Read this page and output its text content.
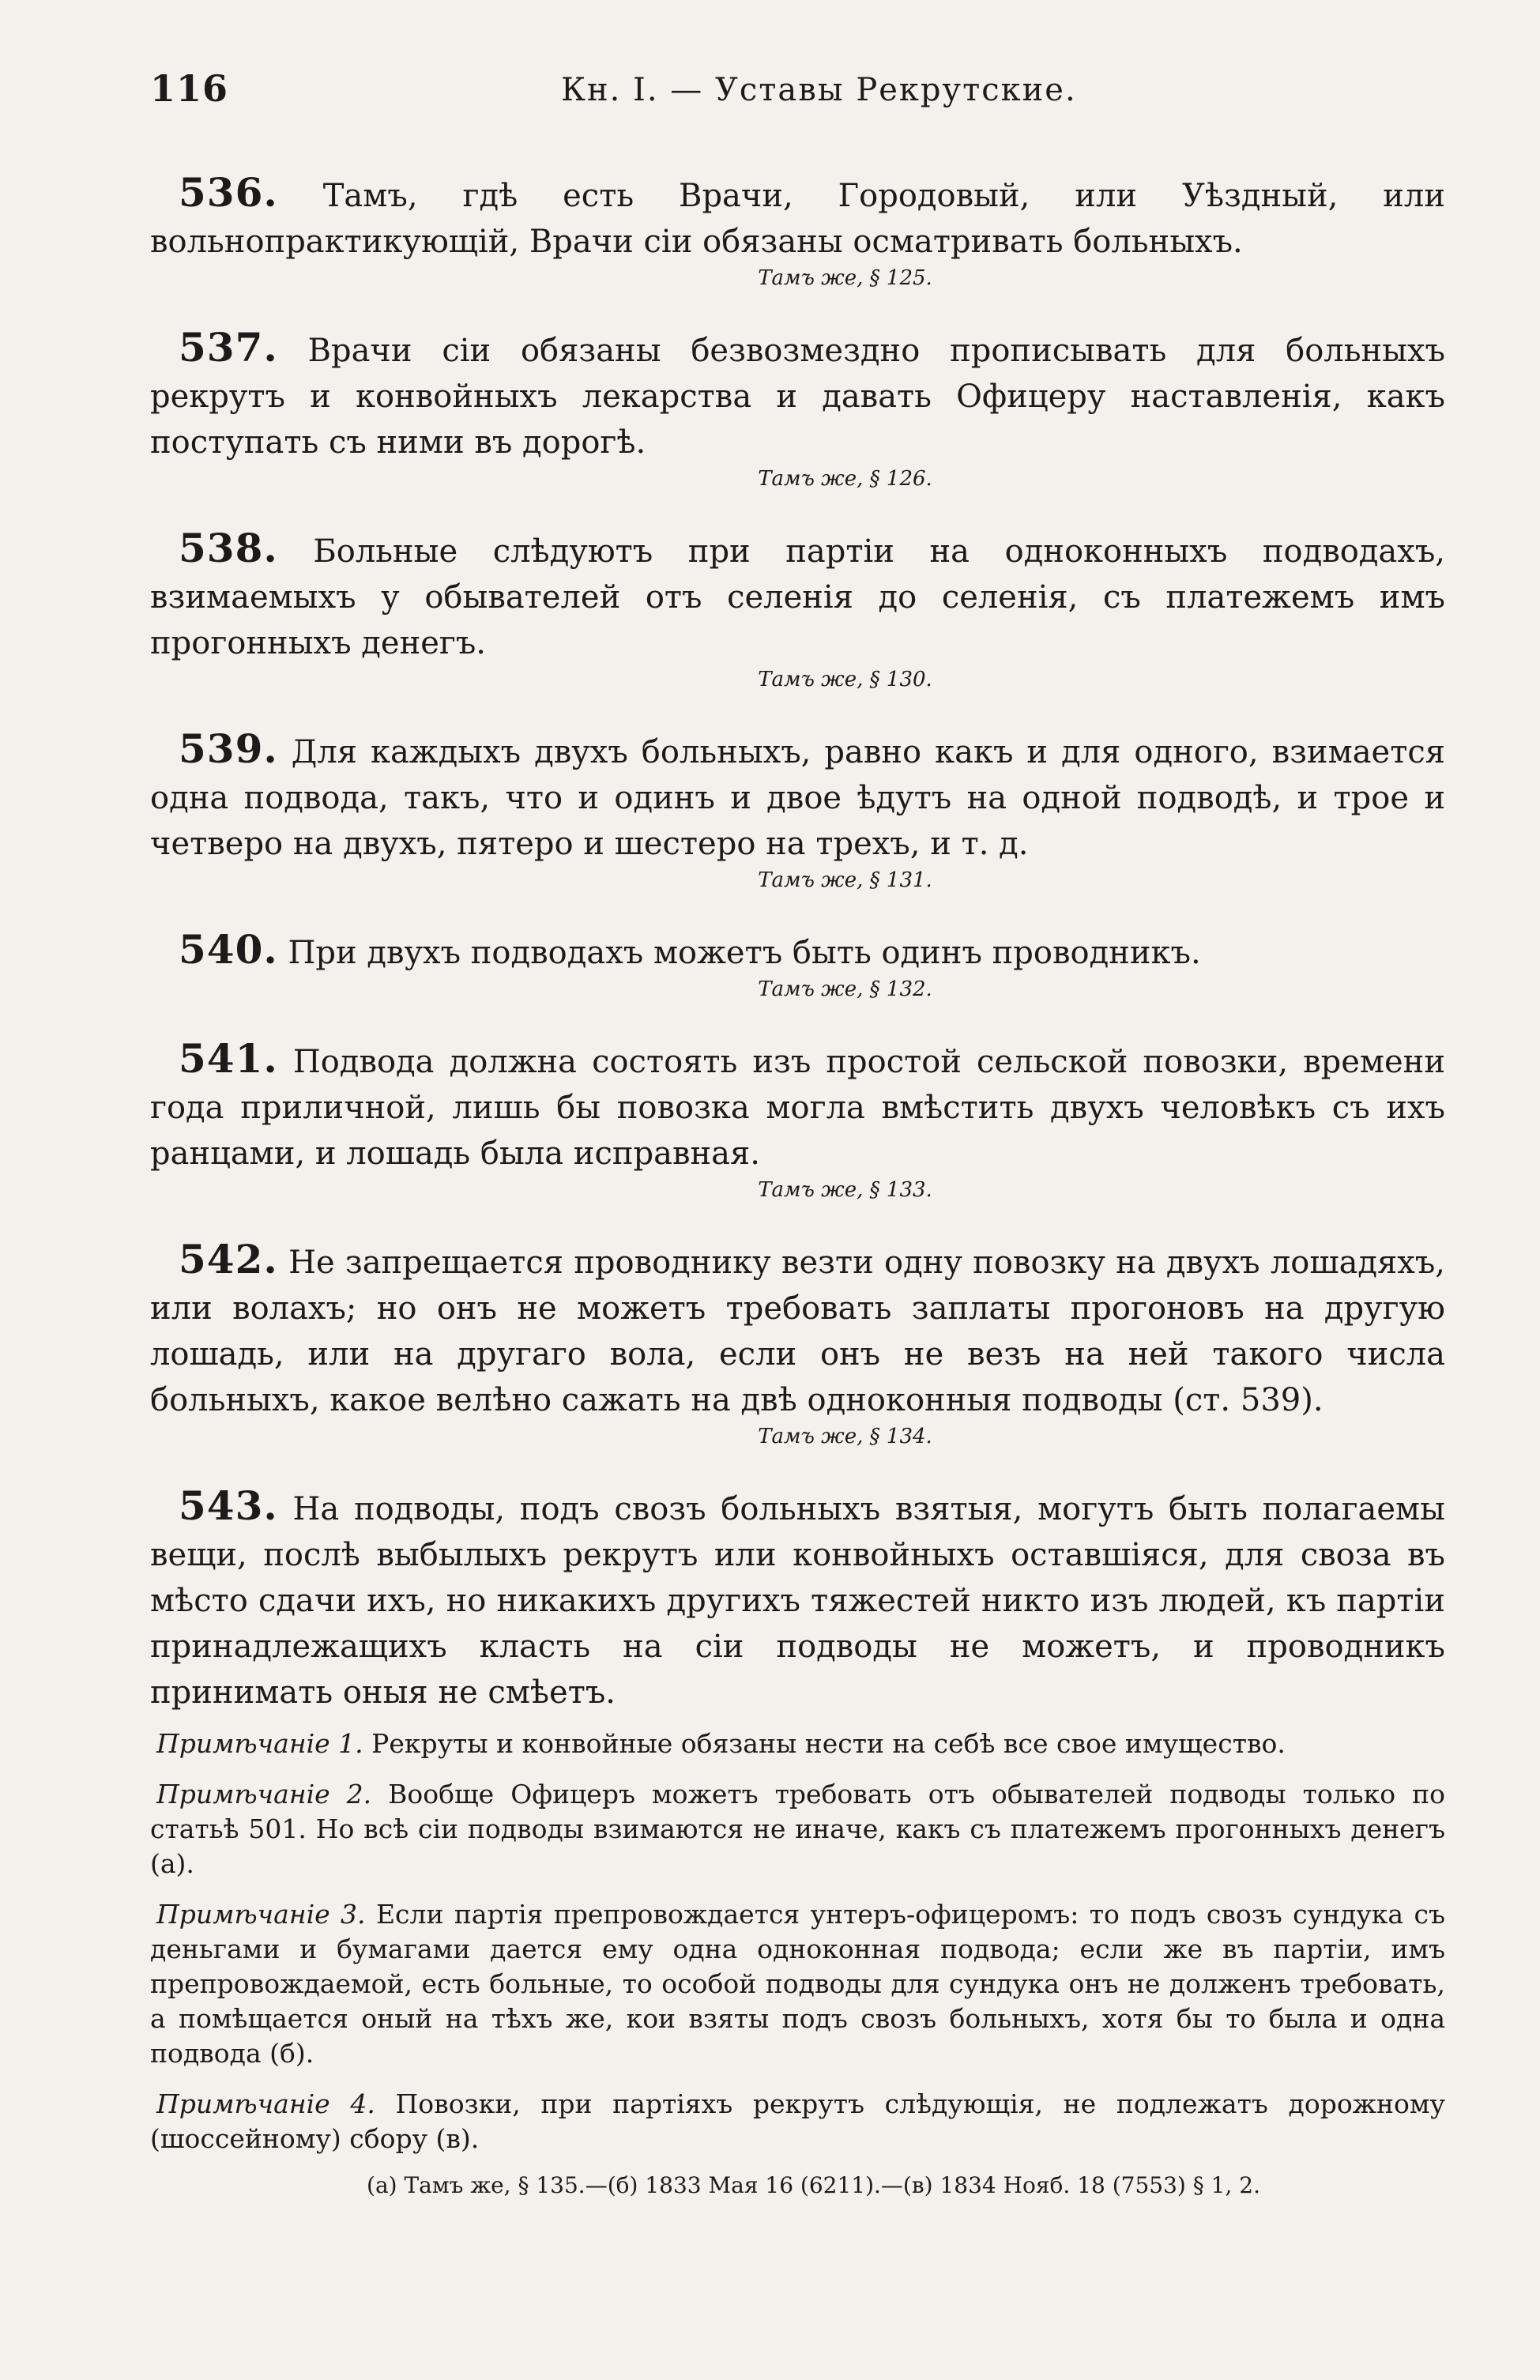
116	Кн. I. — Уставы Рекрутские.

536. Тамъ, гдѣ есть Врачи, Городовый, или Уѣздный, или вольнопрактикующій, Врачи сіи обязаны осматривать больныхъ.

Тамъ же, § 125.

537. Врачи сіи обязаны безвозмездно прописывать для больныхъ рекрутъ и конвойныхъ лекарства и давать Офицеру наставленія, какъ поступать съ ними въ дорогѣ.

Тамъ же, § 126.

538. Больные слѣдуютъ при партіи на одноконныхъ подводахъ, взимаемыхъ у обывателей отъ селенія до селенія, съ платежемъ имъ прогонныхъ денегъ.

Тамъ же, § 130.

539. Для каждыхъ двухъ больныхъ, равно какъ и для одного, взимается одна подвода, такъ, что и одинъ и двое ѣдутъ на одной подводѣ, и трое и четверо на двухъ, пятеро и шестеро на трехъ, и т. д.

Тамъ же, § 131.

540. При двухъ подводахъ можетъ быть одинъ проводникъ.

Тамъ же, § 132.

541. Подвода должна состоять изъ простой сельской повозки, времени года приличной, лишь бы повозка могла вмѣстить двухъ человѣкъ съ ихъ ранцами, и лошадь была исправная.

Тамъ же, § 133.

542. Не запрещается проводнику везти одну повозку на двухъ лошадяхъ, или волахъ; но онъ не можетъ требовать заплаты прогоновъ на другую лошадь, или на другаго вола, если онъ не везъ на ней такого числа больныхъ, какое велѣно сажать на двѣ одноконныя подводы (ст. 539).

Тамъ же, § 134.

543. На подводы, подъ свозъ больныхъ взятыя, могутъ быть полагаемы вещи, послѣ выбылыхъ рекрутъ или конвойныхъ оставшіяся, для своза въ мѣсто сдачи ихъ, но никакихъ другихъ тяжестей никто изъ людей, къ партіи принадлежащихъ класть на сіи подводы не можетъ, и проводникъ принимать оныя не смѣетъ.

Примѣчаніе 1. Рекруты и конвойные обязаны нести на себѣ все свое имущество.

Примѣчаніе 2. Вообще Офицеръ можетъ требовать отъ обывателей подводы только по статьѣ 501. Но всѣ сіи подводы взимаются не иначе, какъ съ платежемъ прогонныхъ денегъ (а).

Примѣчаніе 3. Если партія препровождается унтеръ-офицеромъ: то подъ свозъ сундука съ деньгами и бумагами дается ему одна одноконная подвода; если же въ партіи, имъ препровождаемой, есть больные, то особой подводы для сундука онъ не долженъ требовать, а помѣщается оный на тѣхъ же, кои взяты подъ свозъ больныхъ, хотя бы то была и одна подвода (б).

Примѣчаніе 4. Повозки, при партіяхъ рекрутъ слѣдующія, не подлежатъ дорожному (шоссейному) сбору (в).

(а) Тамъ же, § 135.—(б) 1833 Мая 16 (6211).—(в) 1834 Нояб. 18 (7553) § 1, 2.
